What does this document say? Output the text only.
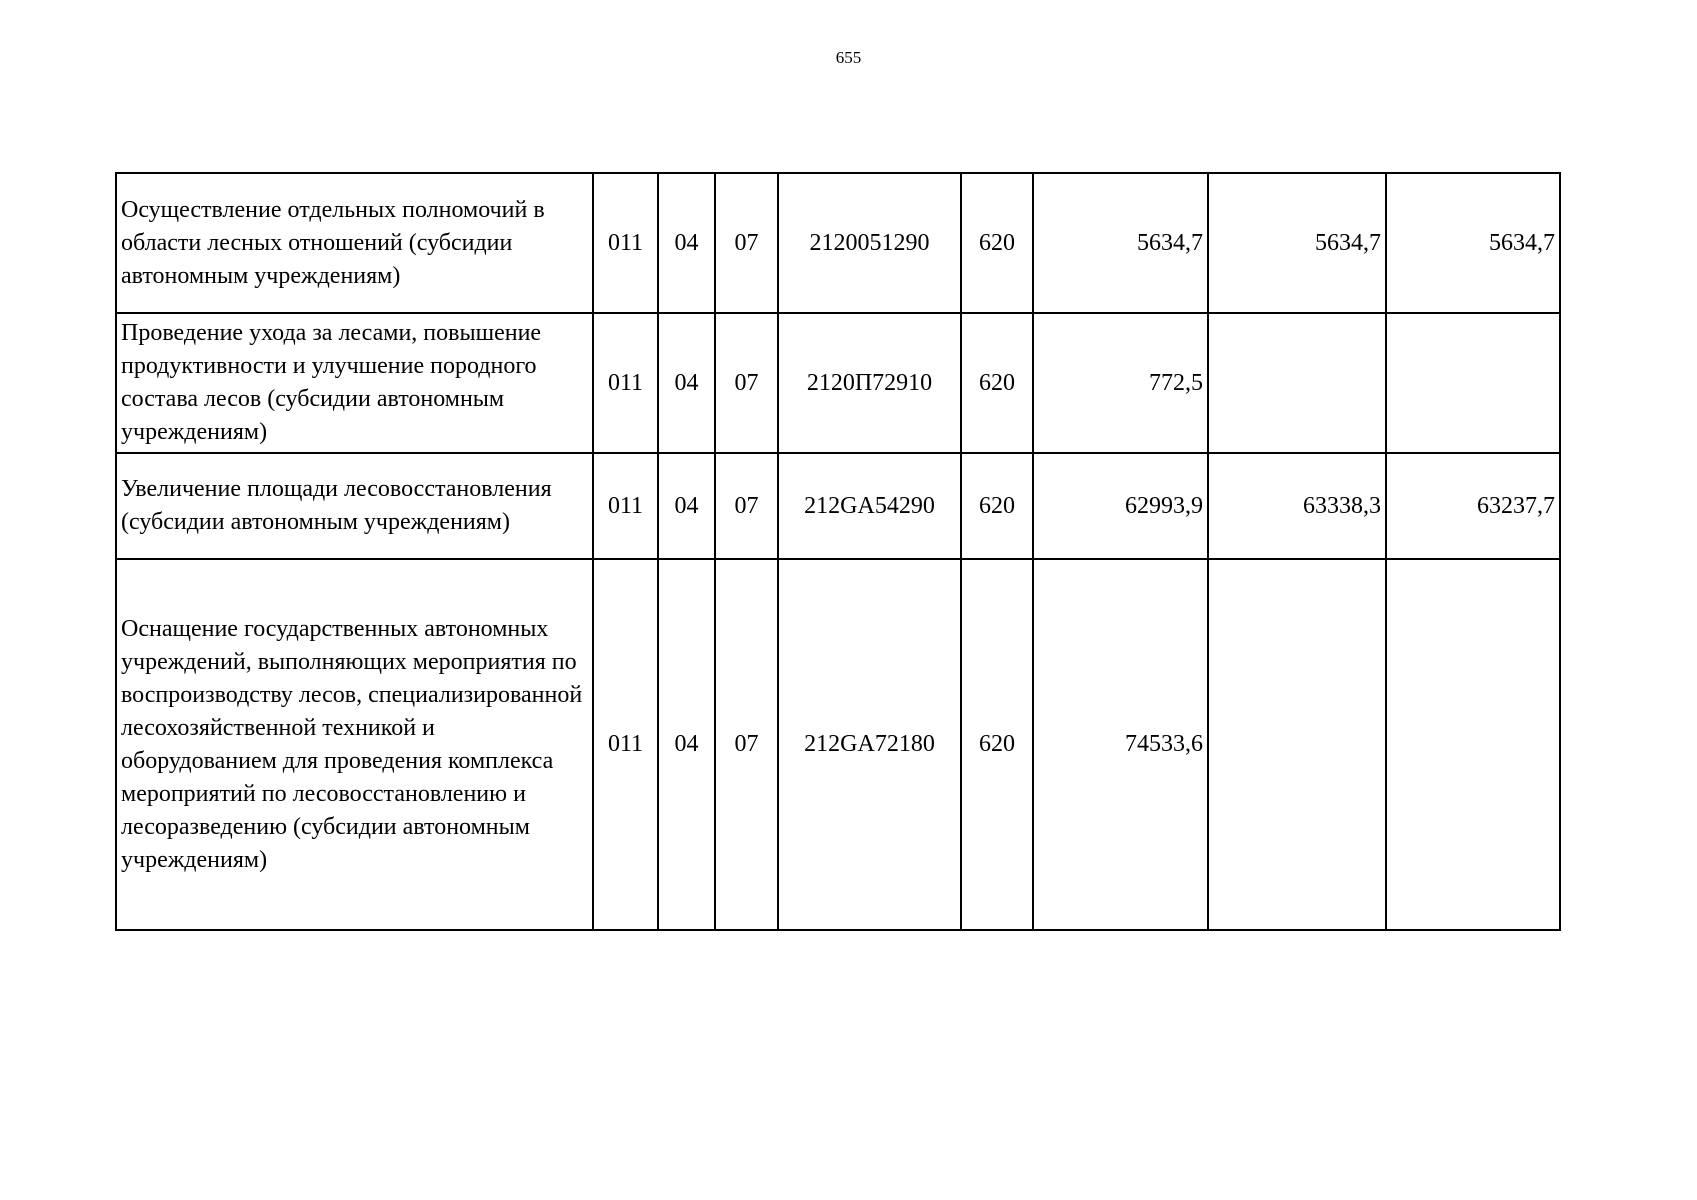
655
Осуществление отдельных полномочий в области лесных отношений (субсидии автономным учреждениям)	011	04	07	2120051290	620	5634,7	5634,7	5634,7
Проведение ухода за лесами, повышение продуктивности и улучшение породного состава лесов (субсидии автономным учреждениям)	011	04	07	2120П72910	620	772,5		
Увеличение площади лесовосстановления (субсидии автономным учреждениям)	011	04	07	212GA54290	620	62993,9	63338,3	63237,7
Оснащение государственных автономных учреждений, выполняющих мероприятия по воспроизводству лесов, специализированной лесохозяйственной техникой и оборудованием для проведения комплекса мероприятий по лесовосстановлению и лесоразведению (субсидии автономным учреждениям)	011	04	07	212GA72180	620	74533,6		
